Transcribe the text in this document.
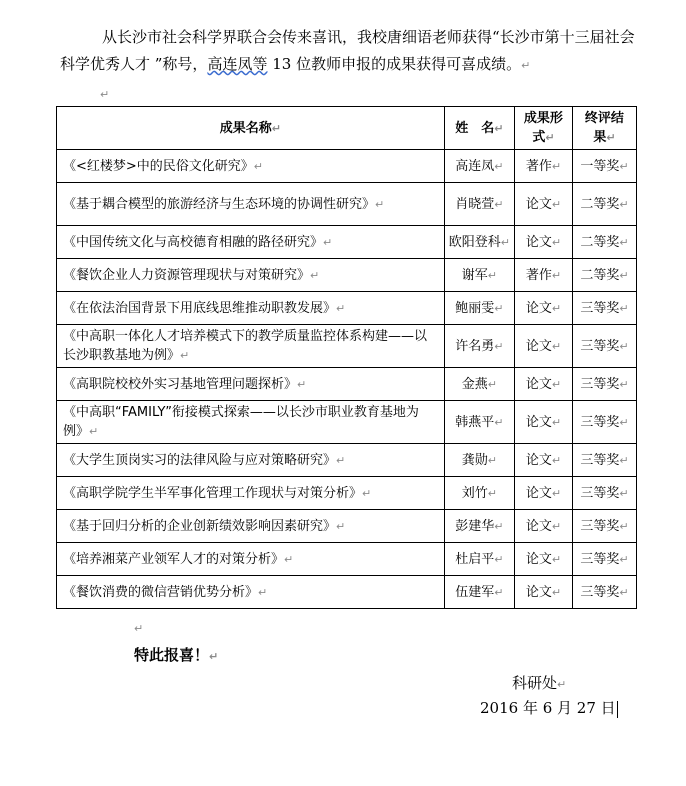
从长沙市社会科学界联合会传来喜讯，我校唐细语老师获得“长沙市第十三届社会科学优秀人才 ”称号，高连凤等 13 位教师申报的成果获得可喜成绩。↵

↵
成果名称↵	姓　名↵	成果形式↵	终评结果↵
《<红楼梦>中的民俗文化研究》↵	高连凤↵	著作↵	一等奖↵
《基于耦合模型的旅游经济与生态环境的协调性研究》↵	肖晓萱↵	论文↵	二等奖↵
《中国传统文化与高校德育相融的路径研究》↵	欧阳登科↵	论文↵	二等奖↵
《餐饮企业人力资源管理现状与对策研究》↵	谢军↵	著作↵	二等奖↵
《在依法治国背景下用底线思维推动职教发展》↵	鲍丽雯↵	论文↵	三等奖↵
《中高职一体化人才培养模式下的教学质量监控体系构建——以长沙职教基地为例》↵	许名勇↵	论文↵	三等奖↵
《高职院校校外实习基地管理问题探析》↵	金燕↵	论文↵	三等奖↵
《中高职“FAMILY”衔接模式探索——以长沙市职业教育基地为例》↵	韩燕平↵	论文↵	三等奖↵
《大学生顶岗实习的法律风险与应对策略研究》↵	龚勋↵	论文↵	三等奖↵
《高职学院学生半军事化管理工作现状与对策分析》↵	刘竹↵	论文↵	三等奖↵
《基于回归分析的企业创新绩效影响因素研究》↵	彭建华↵	论文↵	三等奖↵
《培养湘菜产业领军人才的对策分析》↵	杜启平↵	论文↵	三等奖↵
《餐饮消费的微信营销优势分析》↵	伍建军↵	论文↵	三等奖↵
↵
特此报喜！↵
科研处↵
2016 年 6 月 27 日
